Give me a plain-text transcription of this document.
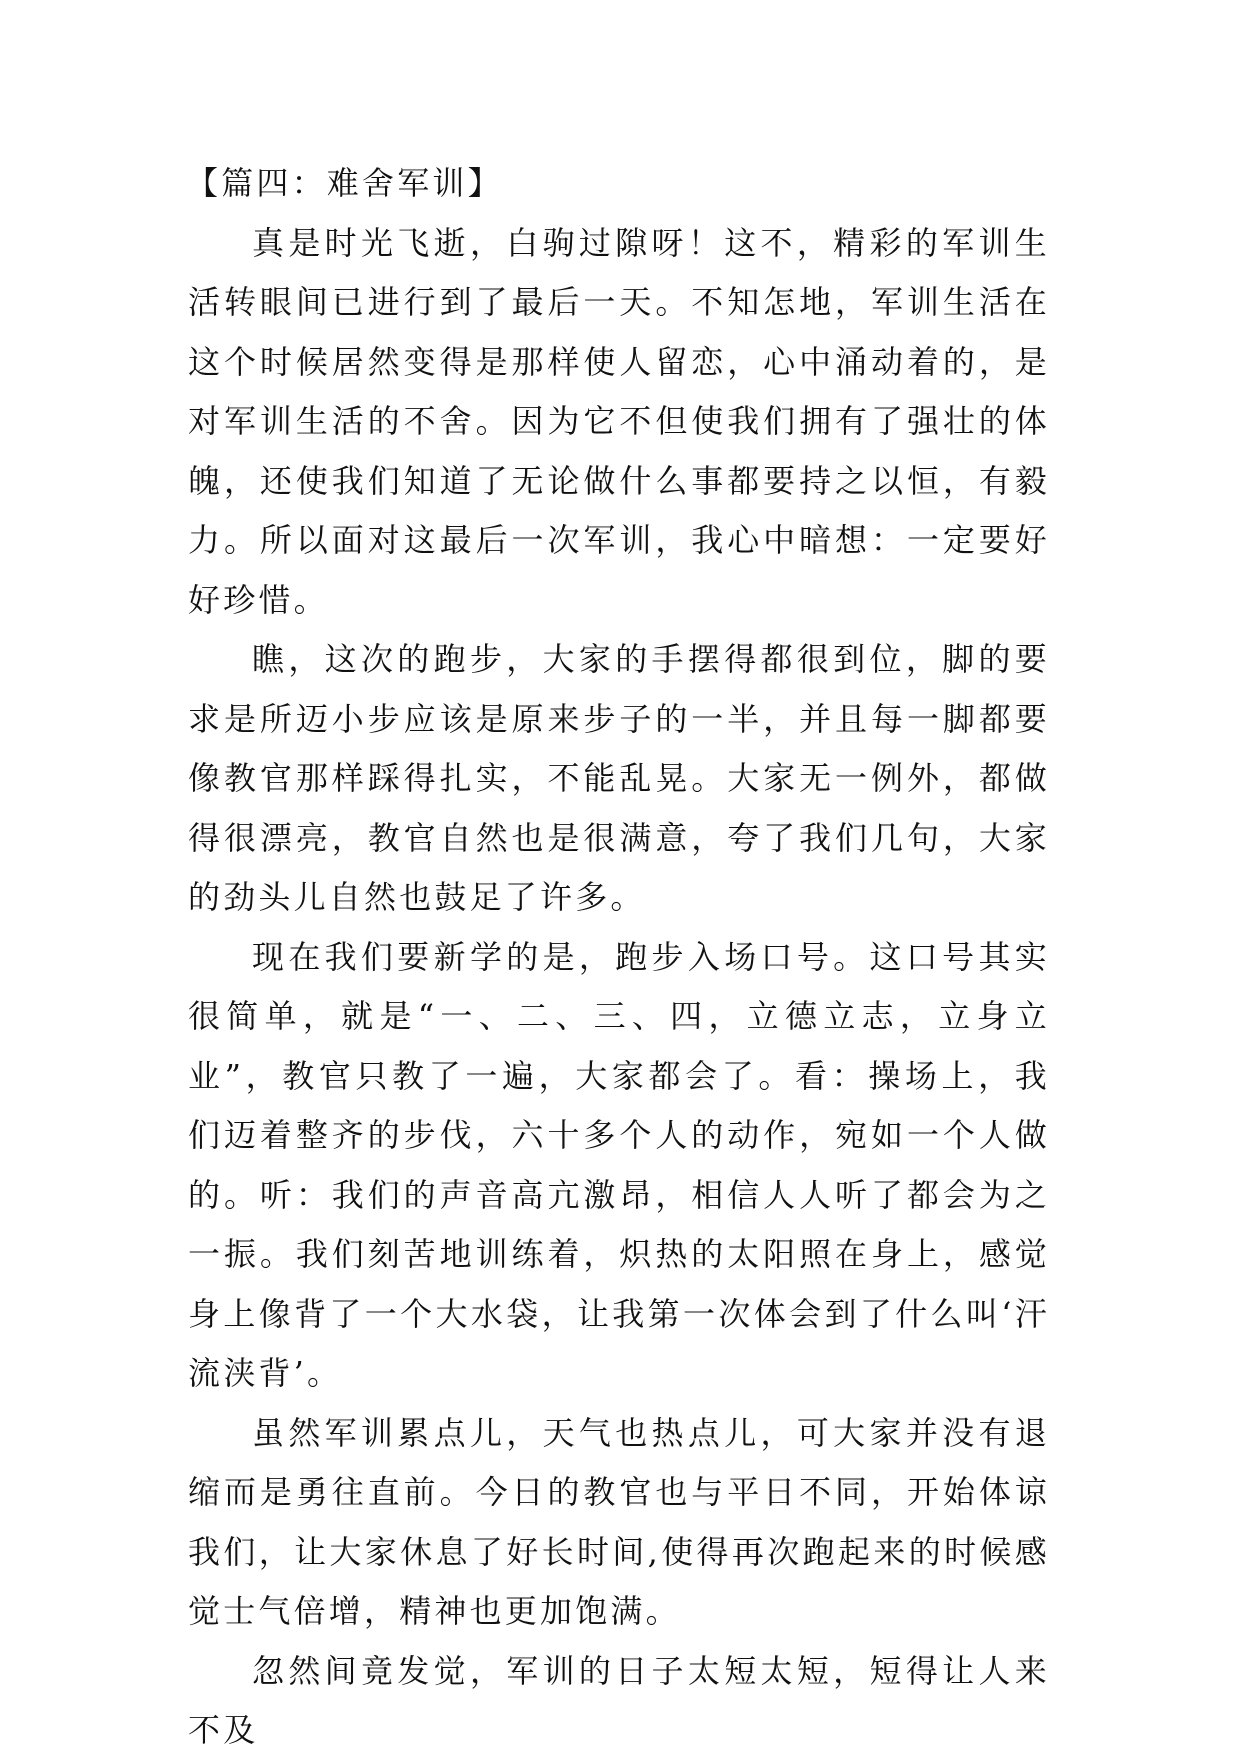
【篇四：难舍军训】

真是时光飞逝，白驹过隙呀！这不，精彩的军训生活转眼间已进行到了最后一天。不知怎地，军训生活在这个时候居然变得是那样使人留恋，心中涌动着的，是对军训生活的不舍。因为它不但使我们拥有了强壮的体魄，还使我们知道了无论做什么事都要持之以恒，有毅力。所以面对这最后一次军训，我心中暗想：一定要好好珍惜。

瞧，这次的跑步，大家的手摆得都很到位，脚的要求是所迈小步应该是原来步子的一半，并且每一脚都要像教官那样踩得扎实，不能乱晃。大家无一例外，都做得很漂亮，教官自然也是很满意，夸了我们几句，大家的劲头儿自然也鼓足了许多。

现在我们要新学的是，跑步入场口号。这口号其实很简单，就是“一、二、三、四，立德立志，立身立业”，教官只教了一遍，大家都会了。看：操场上，我们迈着整齐的步伐，六十多个人的动作，宛如一个人做的。听：我们的声音高亢激昂，相信人人听了都会为之一振。我们刻苦地训练着，炽热的太阳照在身上，感觉身上像背了一个大水袋，让我第一次体会到了什么叫‘汗流浃背’。

虽然军训累点儿，天气也热点儿，可大家并没有退缩而是勇往直前。今日的教官也与平日不同，开始体谅我们，让大家休息了好长时间,使得再次跑起来的时候感觉士气倍增，精神也更加饱满。

忽然间竟发觉，军训的日子太短太短，短得让人来不及
